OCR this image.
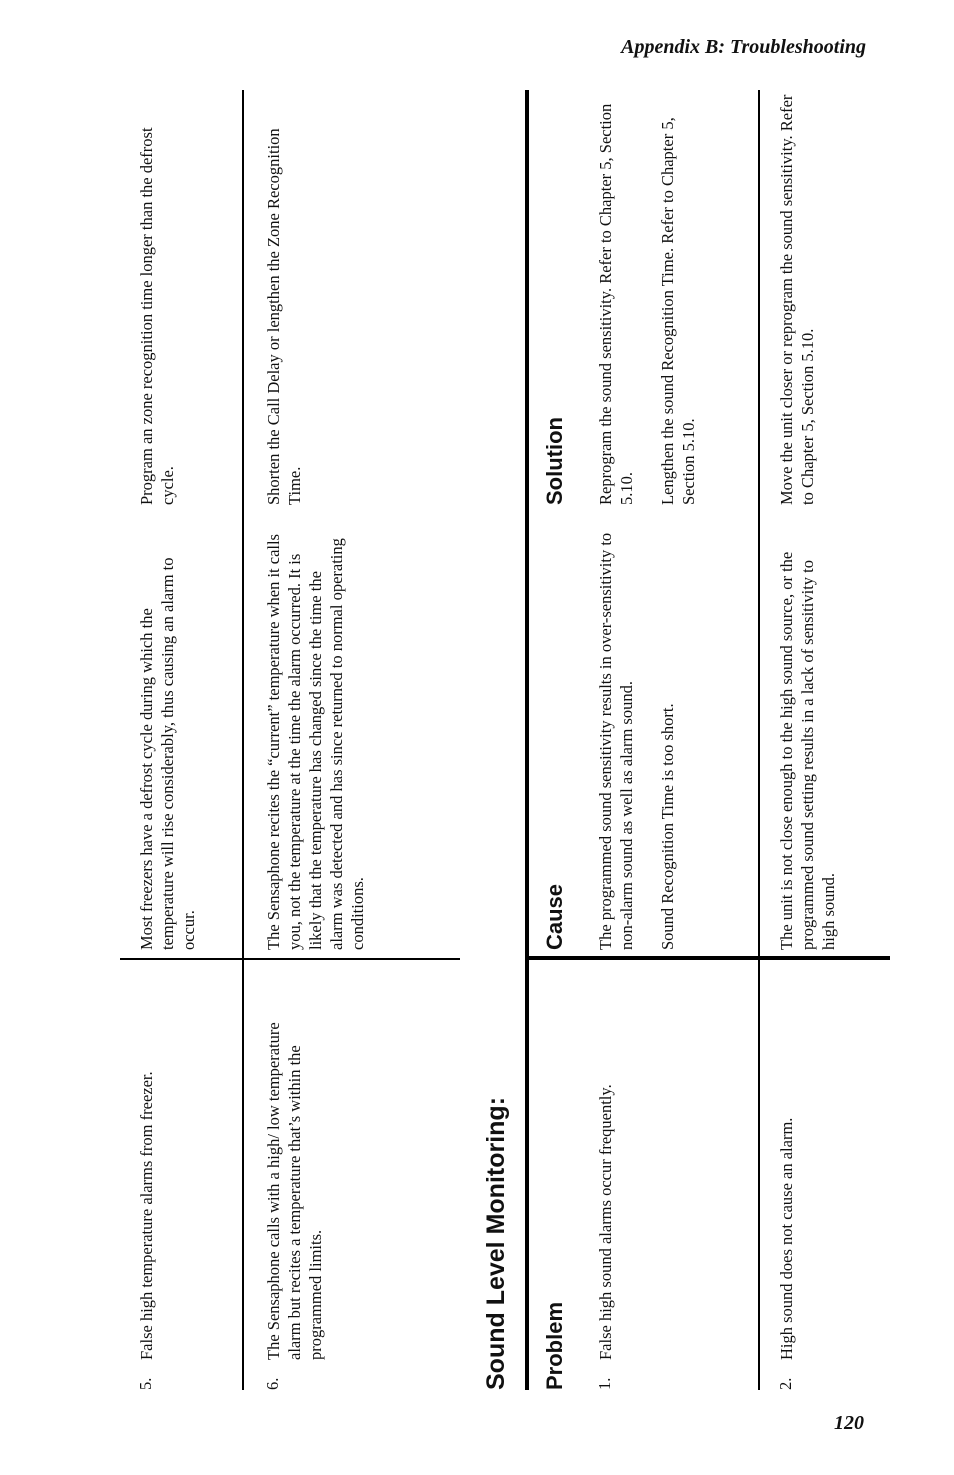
Appendix B: Troubleshooting
5.
False high temperature alarms from freezer.
Most freezers have a defrost cycle during which the temperature will rise considerably, thus causing an alarm to occur.
Program an zone recognition time longer than the defrost cycle.
6.
The Sensaphone calls with a high/ low temperature alarm but recites a temperature that’s within the programmed limits.
The Sensaphone recites the “current” temperature when it calls you, not the temperature at the time the alarm occurred. It is likely that the temperature has changed since the time the alarm was detected and has since returned to normal operating conditions.
Shorten the Call Delay or lengthen the Zone Recognition Time.
Sound Level Monitoring: Problem
Cause
Solution
1.
False high sound alarms occur frequently.
The programmed sound sensitivity results in over-sensitivity to non-alarm sound as well as alarm sound. Sound Recognition Time is too short.
Reprogram the sound sensitivity. Refer to Chapter 5, Section 5.10. Lengthen the sound Recognition Time. Refer to Chapter 5, Section 5.10.
2.
High sound does not cause an alarm.
The unit is not close enough to the high sound source, or the programmed sound setting results in a lack of sensitivity to high sound.
Move the unit closer or reprogram the sound sensitivity. Refer to Chapter 5, Section 5.10.
120
